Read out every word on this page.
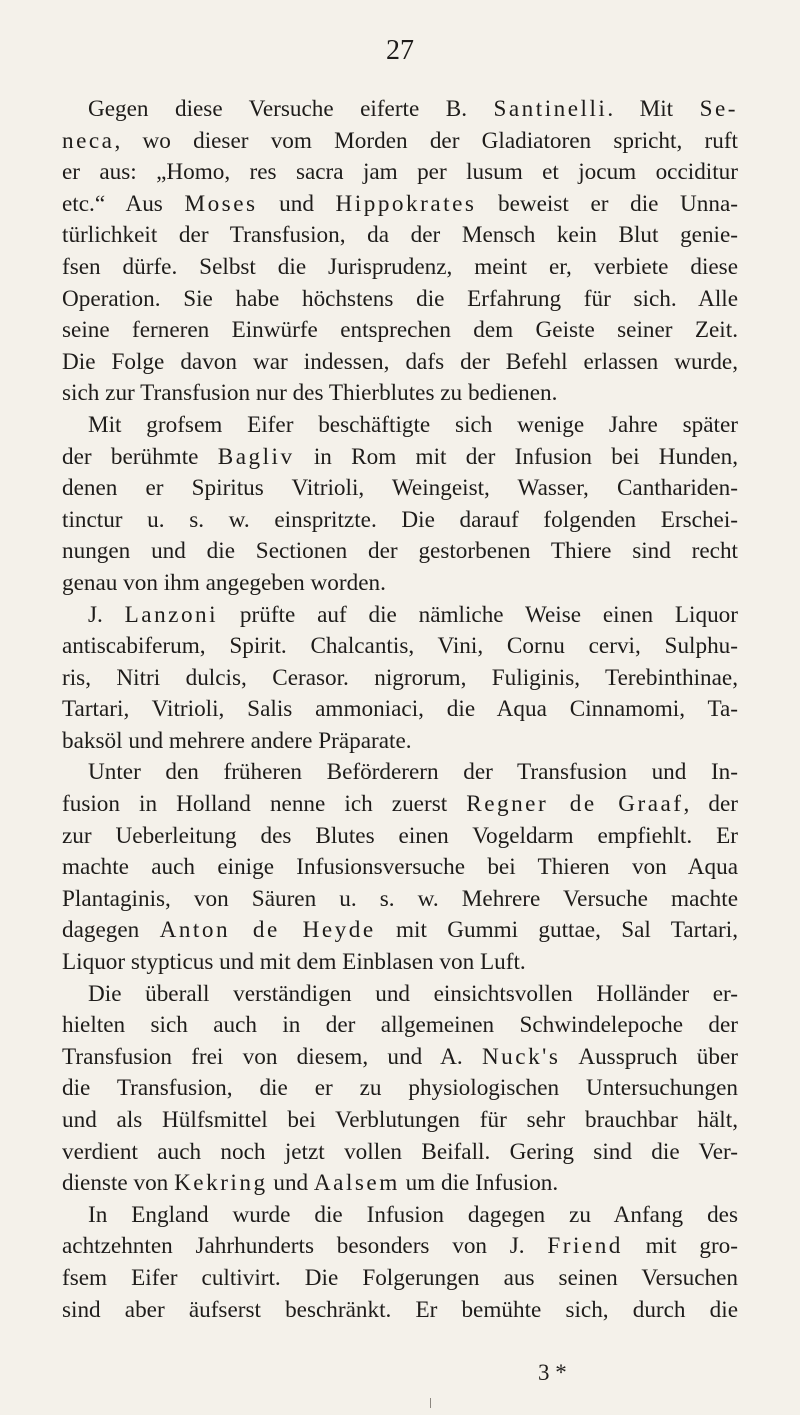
27
Gegen diese Versuche eiferte B. Santinelli. Mit Se-
neca, wo dieser vom Morden der Gladiatoren spricht, ruft
er aus: „Homo, res sacra jam per lusum et jocum occiditur
etc.“ Aus Moses und Hippokrates beweist er die Unna-
türlichkeit der Transfusion, da der Mensch kein Blut genie-
fsen dürfe. Selbst die Jurisprudenz, meint er, verbiete diese
Operation. Sie habe höchstens die Erfahrung für sich. Alle
seine ferneren Einwürfe entsprechen dem Geiste seiner Zeit.
Die Folge davon war indessen, dafs der Befehl erlassen wurde,
sich zur Transfusion nur des Thierblutes zu bedienen.
Mit grofsem Eifer beschäftigte sich wenige Jahre später
der berühmte Bagliv in Rom mit der Infusion bei Hunden,
denen er Spiritus Vitrioli, Weingeist, Wasser, Canthariden-
tinctur u. s. w. einspritzte. Die darauf folgenden Erschei-
nungen und die Sectionen der gestorbenen Thiere sind recht
genau von ihm angegeben worden.
J. Lanzoni prüfte auf die nämliche Weise einen Liquor
antiscabiferum, Spirit. Chalcantis, Vini, Cornu cervi, Sulphu-
ris, Nitri dulcis, Cerasor. nigrorum, Fuliginis, Terebinthinae,
Tartari, Vitrioli, Salis ammoniaci, die Aqua Cinnamomi, Ta-
baksöl und mehrere andere Präparate.
Unter den früheren Beförderern der Transfusion und In-
fusion in Holland nenne ich zuerst Regner de Graaf, der
zur Ueberleitung des Blutes einen Vogeldarm empfiehlt. Er
machte auch einige Infusionsversuche bei Thieren von Aqua
Plantaginis, von Säuren u. s. w. Mehrere Versuche machte
dagegen Anton de Heyde mit Gummi guttae, Sal Tartari,
Liquor stypticus und mit dem Einblasen von Luft.
Die überall verständigen und einsichtsvollen Holländer er-
hielten sich auch in der allgemeinen Schwindelepoche der
Transfusion frei von diesem, und A. Nuck's Ausspruch über
die Transfusion, die er zu physiologischen Untersuchungen
und als Hülfsmittel bei Verblutungen für sehr brauchbar hält,
verdient auch noch jetzt vollen Beifall. Gering sind die Ver-
dienste von Kekring und Aalsem um die Infusion.
In England wurde die Infusion dagegen zu Anfang des
achtzehnten Jahrhunderts besonders von J. Friend mit gro-
fsem Eifer cultivirt. Die Folgerungen aus seinen Versuchen
sind aber äufserst beschränkt. Er bemühte sich, durch die
3 *
